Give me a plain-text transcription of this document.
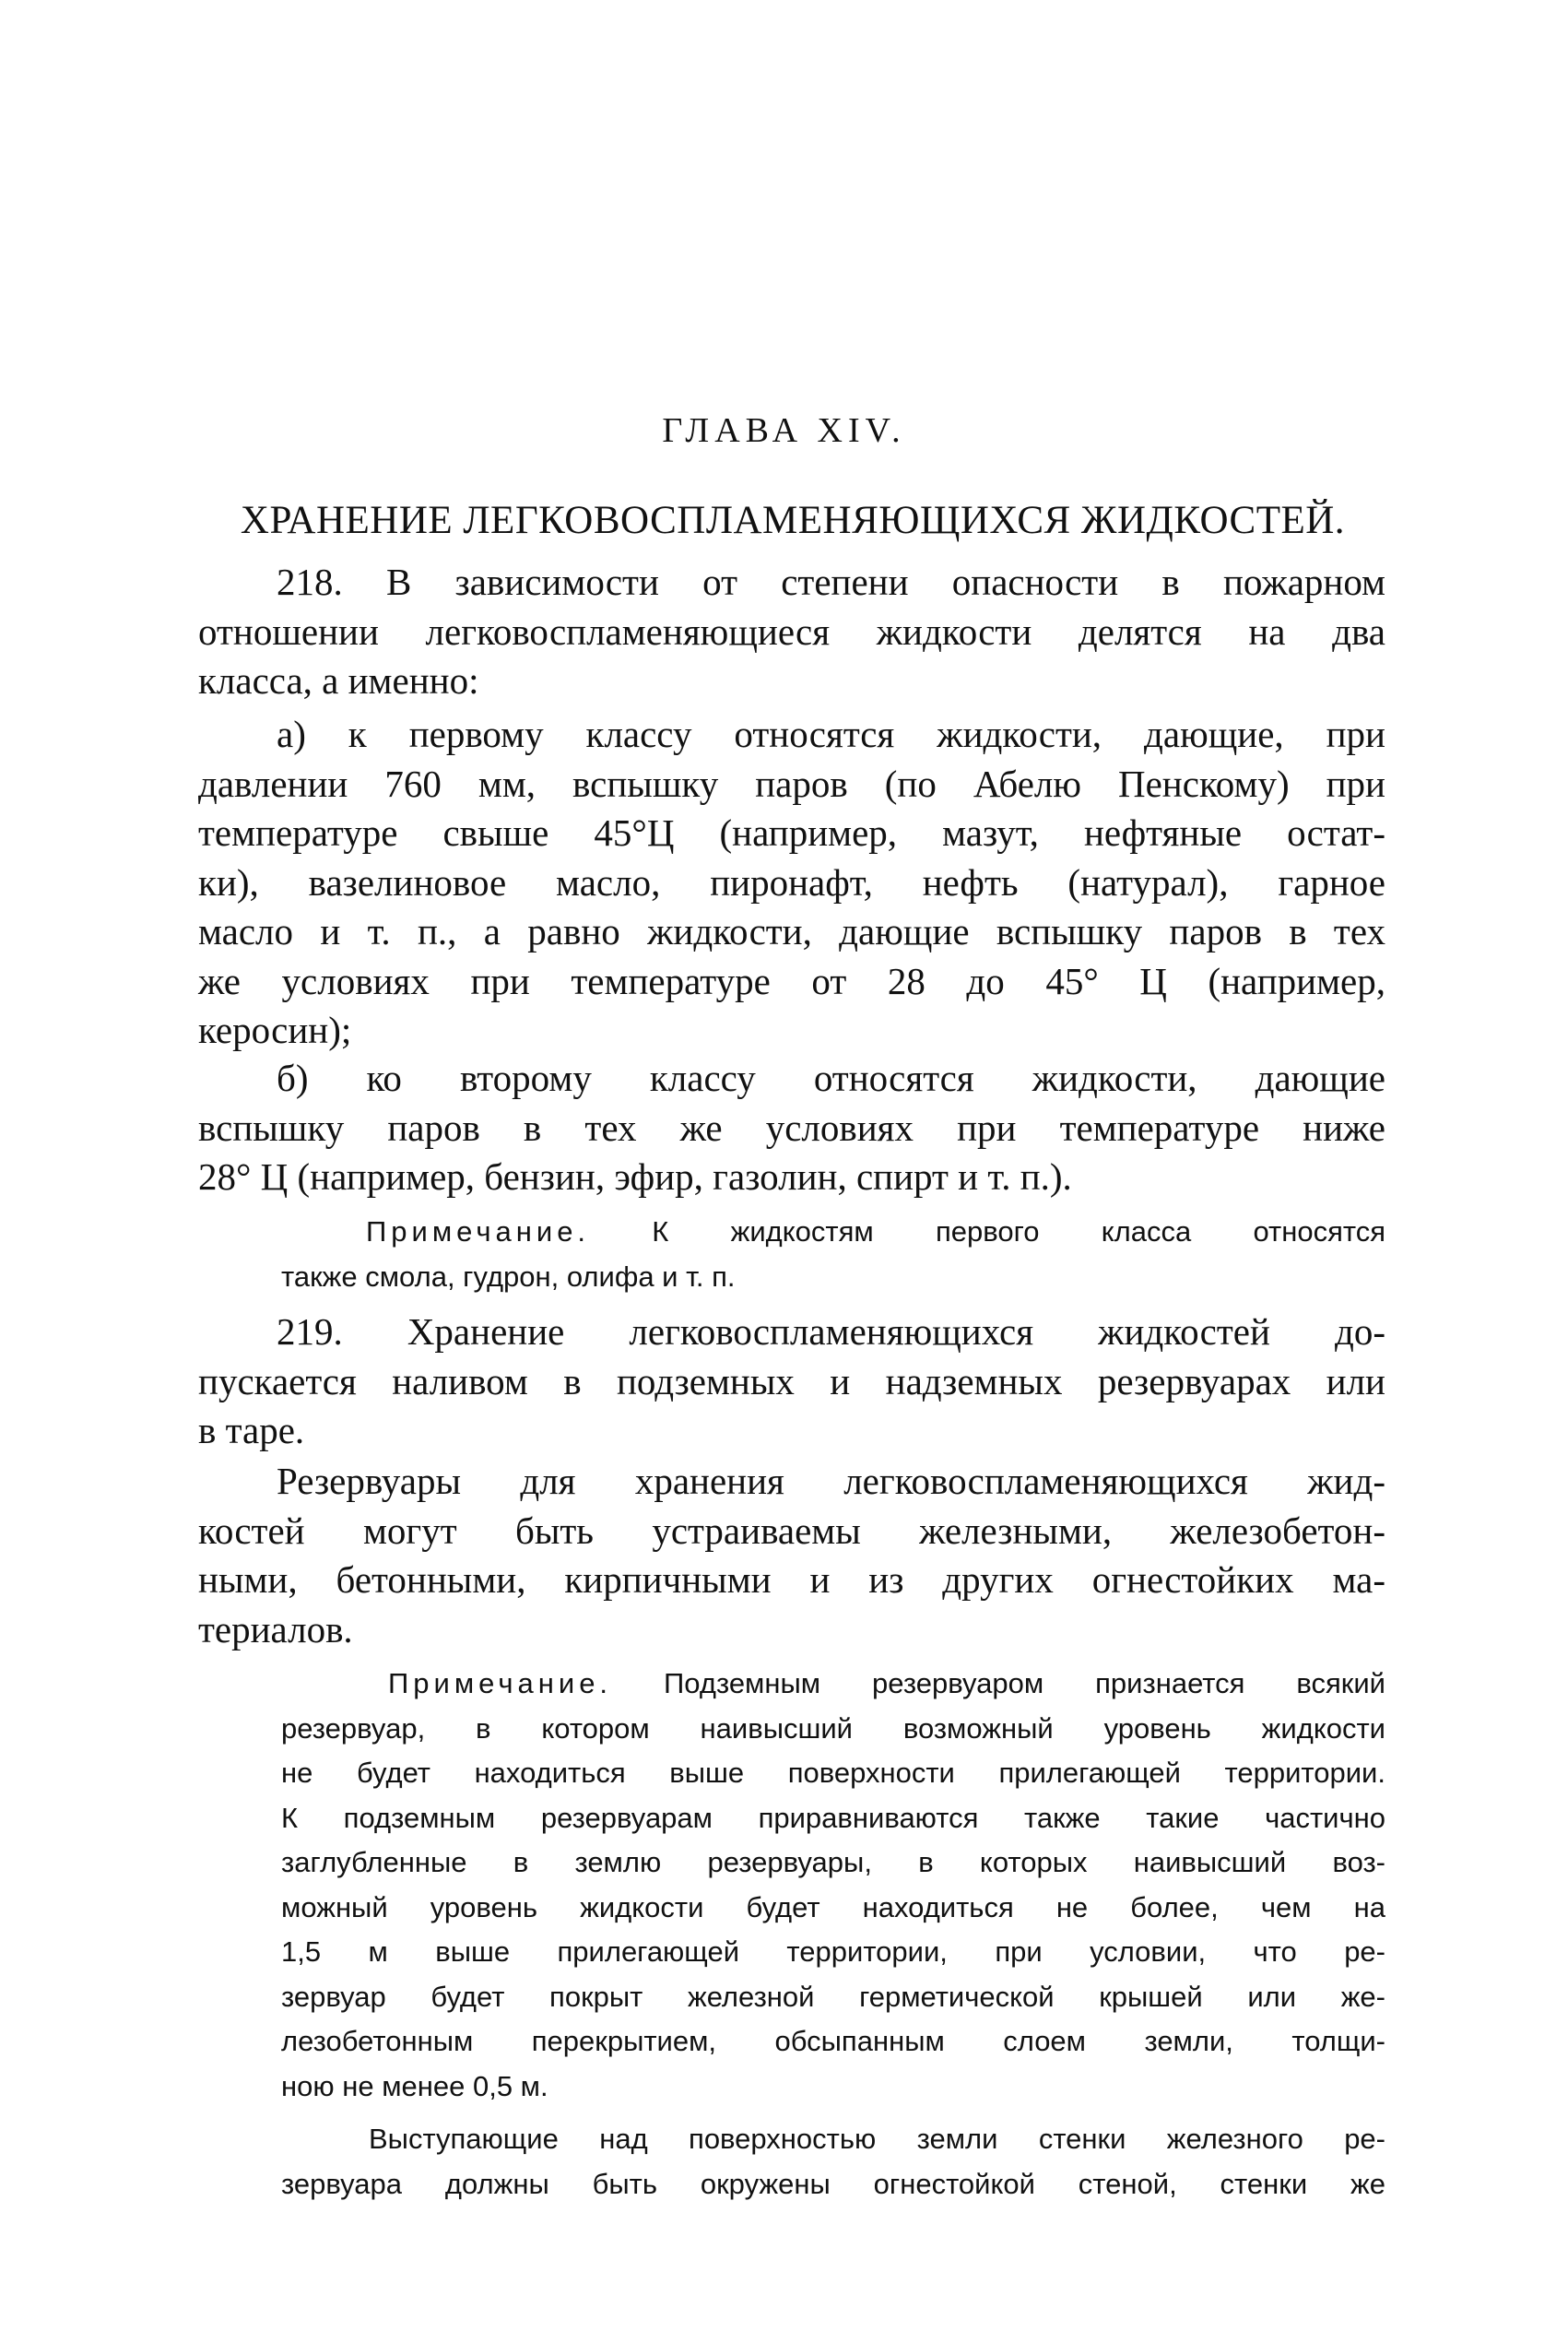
ГЛАВА XIV.
ХРАНЕНИЕ ЛЕГКОВОСПЛАМЕНЯЮЩИХСЯ ЖИДКОСТЕЙ.
218. В зависимости от степени опасности в пожарном
отношении легковоспламеняющиеся жидкости делятся на два
класса, а именно:
а) к первому классу относятся жидкости, дающие, при
давлении 760 мм, вспышку паров (по Абелю Пенскому) при
температуре свыше 45°Ц (например, мазут, нефтяные остат-
ки), вазелиновое масло, пиронафт, нефть (натурал), гарное
масло и т. п., а равно жидкости, дающие вспышку паров в тех
же условиях при температуре от 28 до 45° Ц (например,
керосин);
б) ко второму классу относятся жидкости, дающие
вспышку паров в тех же условиях при температуре ниже
28° Ц (например, бензин, эфир, газолин, спирт и т. п.).
Примечание. К жидкостям первого класса относятся
также смола, гудрон, олифа и т. п.
219. Хранение легковоспламеняющихся жидкостей до-
пускается наливом в подземных и надземных резервуарах или
в таре.
Резервуары для хранения легковоспламеняющихся жид-
костей могут быть устраиваемы железными, железобетон-
ными, бетонными, кирпичными и из других огнестойких ма-
териалов.
Примечание. Подземным резервуаром признается всякий
резервуар, в котором наивысший возможный уровень жидкости
не будет находиться выше поверхности прилегающей территории.
К подземным резервуарам приравниваются также такие частично
заглубленные в землю резервуары, в которых наивысший воз-
можный уровень жидкости будет находиться не более, чем на
1,5 м выше прилегающей территории, при условии, что ре-
зервуар будет покрыт железной герметической крышей или же-
лезобетонным перекрытием, обсыпанным слоем земли, толщи-
ною не менее 0,5 м.
Выступающие над поверхностью земли стенки железного ре-
зервуара должны быть окружены огнестойкой стеной, стенки же
